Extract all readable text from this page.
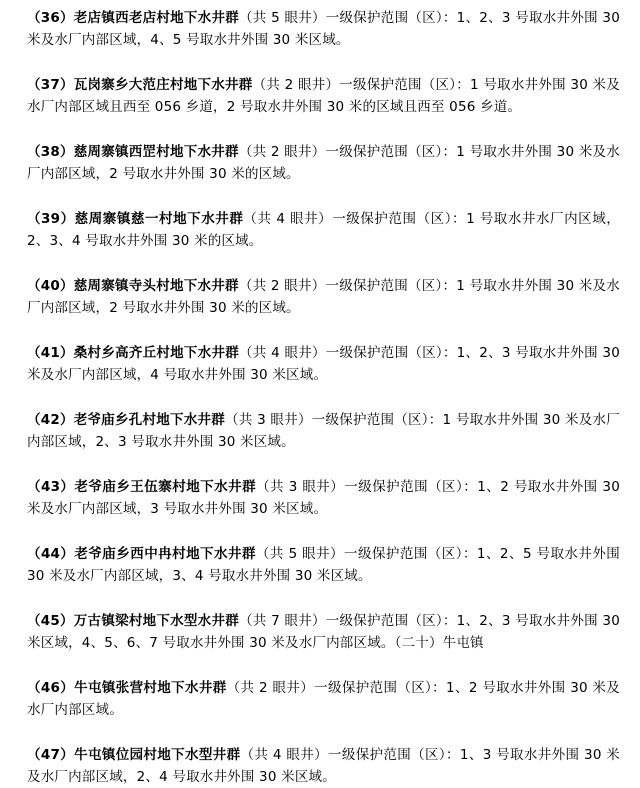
（36）老店镇西老店村地下水井群（共 5 眼井）一级保护范围（区）：1、2、3 号取水井外围 30 米及水厂内部区域，4、5 号取水井外围 30 米区域。

（37）瓦岗寨乡大范庄村地下水井群（共 2 眼井）一级保护范围（区）：1 号取水井外围 30 米及水厂内部区域且西至 056 乡道，2 号取水井外围 30 米的区域且西至 056 乡道。

（38）慈周寨镇西罡村地下水井群（共 2 眼井）一级保护范围（区）：1 号取水井外围 30 米及水厂内部区域，2 号取水井外围 30 米的区域。

（39）慈周寨镇慈一村地下水井群（共 4 眼井）一级保护范围（区）：1 号取水井水厂内区域，2、3、4 号取水井外围 30 米的区域。

（40）慈周寨镇寺头村地下水井群（共 2 眼井）一级保护范围（区）：1 号取水井外围 30 米及水厂内部区域，2 号取水井外围 30 米的区域。

（41）桑村乡高齐丘村地下水井群（共 4 眼井）一级保护范围（区）：1、2、3 号取水井外围 30 米及水厂内部区域，4 号取水井外围 30 米区域。

（42）老爷庙乡孔村地下水井群（共 3 眼井）一级保护范围（区）：1 号取水井外围 30 米及水厂内部区域，2、3 号取水井外围 30 米区域。

（43）老爷庙乡王伍寨村地下水井群（共 3 眼井）一级保护范围（区）：1、2 号取水井外围 30 米及水厂内部区域，3 号取水井外围 30 米区域。

（44）老爷庙乡西中冉村地下水井群（共 5 眼井）一级保护范围（区）：1、2、5 号取水井外围 30 米及水厂内部区域，3、4 号取水井外围 30 米区域。

（45）万古镇梁村地下水型水井群（共 7 眼井）一级保护范围（区）：1、2、3 号取水井外围 30 米区域，4、5、6、7 号取水井外围 30 米及水厂内部区域。（二十）牛屯镇

（46）牛屯镇张营村地下水井群（共 2 眼井）一级保护范围（区）：1、2 号取水井外围 30 米及水厂内部区域。

（47）牛屯镇位园村地下水型井群（共 4 眼井）一级保护范围（区）：1、3 号取水井外围 30 米及水厂内部区域，2、4 号取水井外围 30 米区域。
